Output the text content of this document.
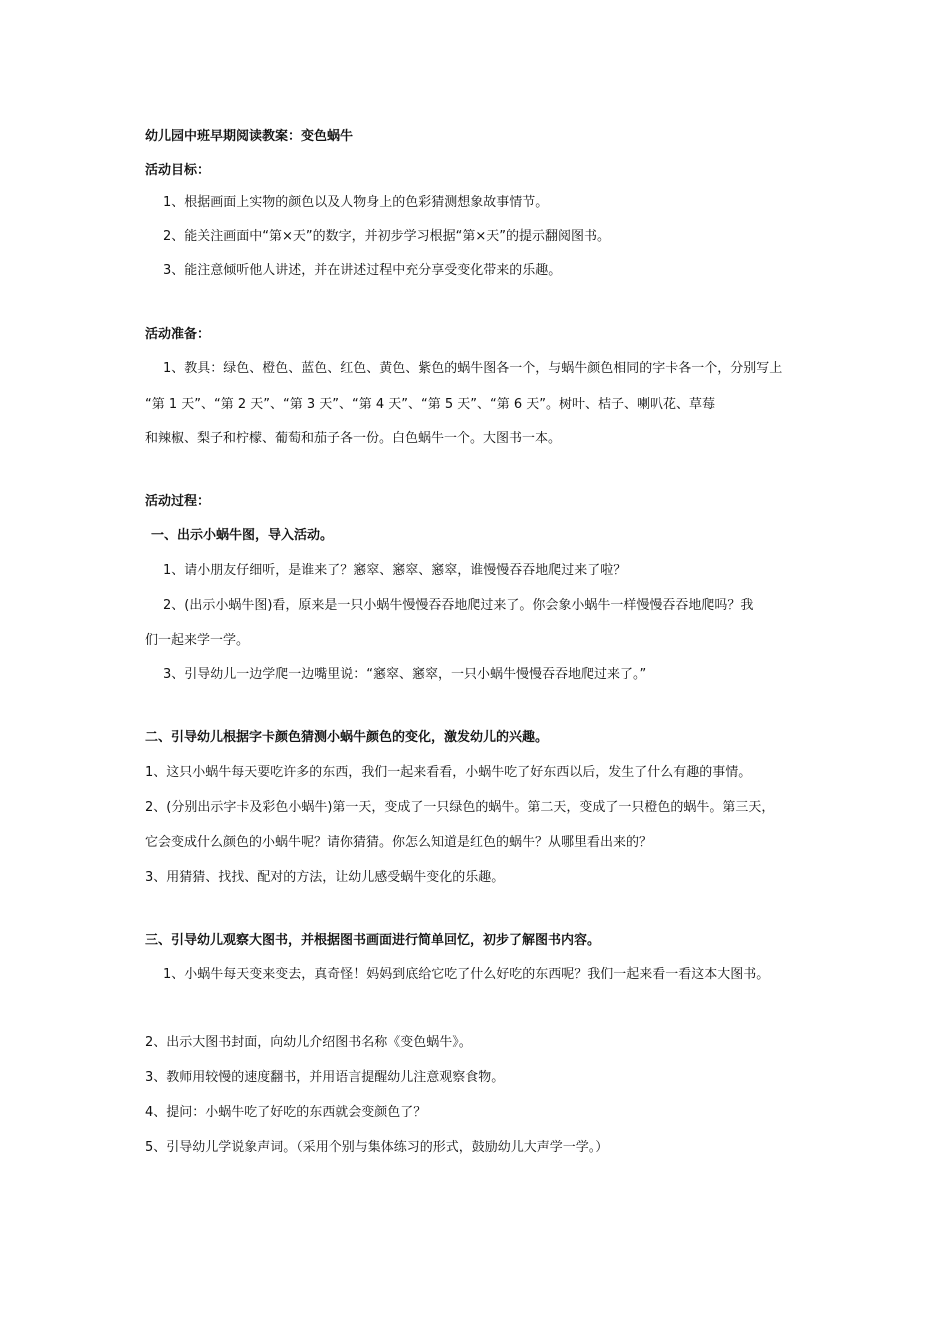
幼儿园中班早期阅读教案：变色蜗牛
活动目标：
1、根据画面上实物的颜色以及人物身上的色彩猜测想象故事情节。
2、能关注画面中“第×天”的数字，并初步学习根据“第×天”的提示翻阅图书。
3、能注意倾听他人讲述，并在讲述过程中充分享受变化带来的乐趣。
活动准备：
1、教具：绿色、橙色、蓝色、红色、黄色、紫色的蜗牛图各一个，与蜗牛颜色相同的字卡各一个，分别写上
“第 1 天”、“第 2 天”、“第 3 天”、“第 4 天”、“第 5 天”、“第 6 天”。树叶、桔子、喇叭花、草莓
和辣椒、梨子和柠檬、葡萄和茄子各一份。白色蜗牛一个。大图书一本。
活动过程：
一、出示小蜗牛图，导入活动。
1、请小朋友仔细听，是谁来了？窸窣、窸窣、窸窣，谁慢慢吞吞地爬过来了啦？
2、(出示小蜗牛图)看，原来是一只小蜗牛慢慢吞吞地爬过来了。你会象小蜗牛一样慢慢吞吞地爬吗？我
们一起来学一学。
3、引导幼儿一边学爬一边嘴里说：“窸窣、窸窣，一只小蜗牛慢慢吞吞地爬过来了。”
二、引导幼儿根据字卡颜色猜测小蜗牛颜色的变化，激发幼儿的兴趣。
1、这只小蜗牛每天要吃许多的东西，我们一起来看看，小蜗牛吃了好东西以后，发生了什么有趣的事情。
2、(分别出示字卡及彩色小蜗牛)第一天，变成了一只绿色的蜗牛。第二天，变成了一只橙色的蜗牛。第三天，
它会变成什么颜色的小蜗牛呢？请你猜猜。你怎么知道是红色的蜗牛？从哪里看出来的？
3、用猜猜、找找、配对的方法，让幼儿感受蜗牛变化的乐趣。
三、引导幼儿观察大图书，并根据图书画面进行简单回忆，初步了解图书内容。
1、小蜗牛每天变来变去，真奇怪！妈妈到底给它吃了什么好吃的东西呢？我们一起来看一看这本大图书。
2、出示大图书封面，向幼儿介绍图书名称《变色蜗牛》。
3、教师用较慢的速度翻书，并用语言提醒幼儿注意观察食物。
4、提问：小蜗牛吃了好吃的东西就会变颜色了？
5、引导幼儿学说象声词。（采用个别与集体练习的形式，鼓励幼儿大声学一学。）
